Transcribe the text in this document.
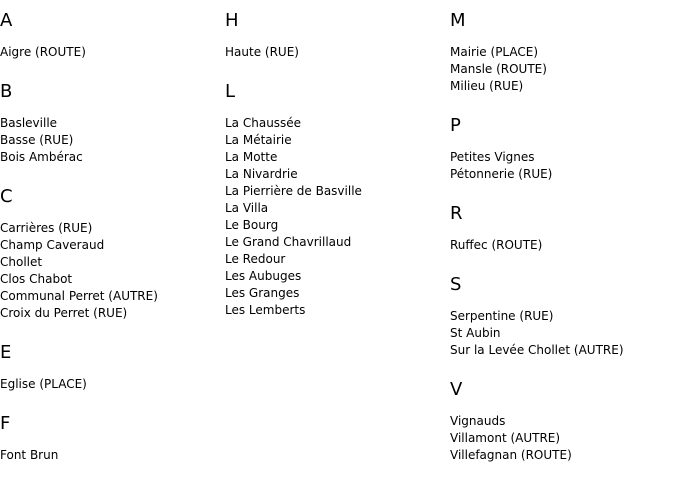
A
Aigre (ROUTE)
B
Basleville
Basse (RUE)
Bois Ambérac
C
Carrières (RUE)
Champ Caveraud
Chollet
Clos Chabot
Communal Perret (AUTRE)
Croix du Perret (RUE)
E
Eglise (PLACE)
F
Font Brun
H
Haute (RUE)
L
La Chaussée
La Métairie
La Motte
La Nivardrie
La Pierrière de Basville
La Villa
Le Bourg
Le Grand Chavrillaud
Le Redour
Les Aubuges
Les Granges
Les Lemberts
M
Mairie (PLACE)
Mansle (ROUTE)
Milieu (RUE)
P
Petites Vignes
Pétonnerie (RUE)
R
Ruffec (ROUTE)
S
Serpentine (RUE)
St Aubin
Sur la Levée Chollet (AUTRE)
V
Vignauds
Villamont (AUTRE)
Villefagnan (ROUTE)
